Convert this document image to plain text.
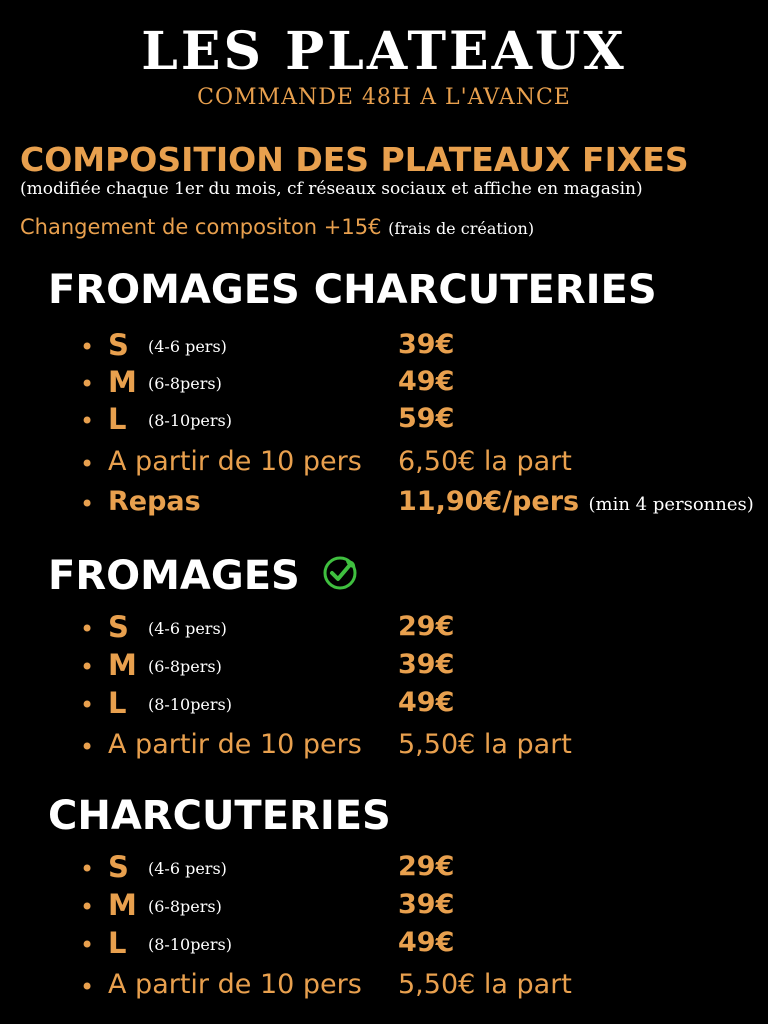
LES PLATEAUX
COMMANDE 48H A L'AVANCE
COMPOSITION DES PLATEAUX FIXES
(modifiée chaque 1er du mois, cf réseaux sociaux et affiche en magasin)
Changement de compositon +15€ (frais de création)
FROMAGES CHARCUTERIES
• S (4-6 pers)	39€
• M (6-8pers)	49€
• L (8-10pers)	59€
• A partir de 10 pers 6,50€ la part
• Repas	11,90€/pers (min 4 personnes)
FROMAGES
• S (4-6 pers)	29€
• M (6-8pers)	39€
• L (8-10pers)	49€
• A partir de 10 pers 5,50€ la part
CHARCUTERIES
• S (4-6 pers)	29€
• M (6-8pers)	39€
• L (8-10pers)	49€
• A partir de 10 pers 5,50€ la part
